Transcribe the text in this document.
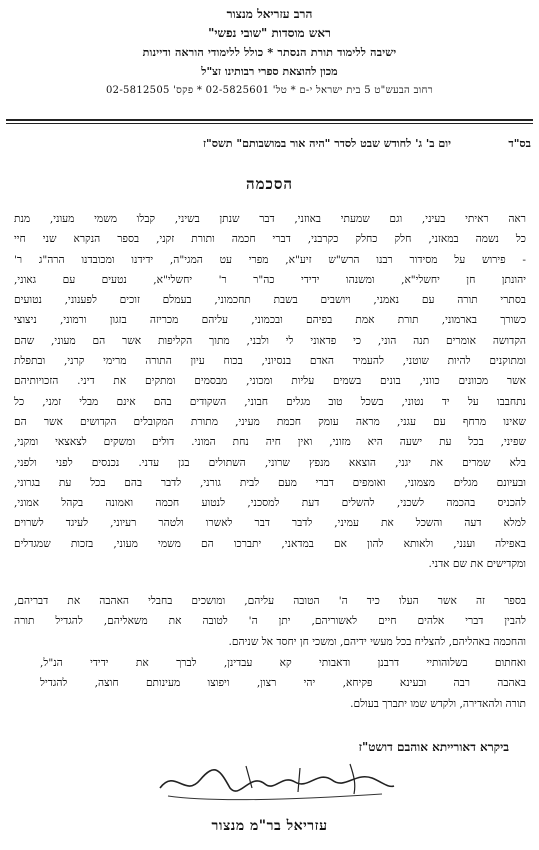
הרב עזריאל מנצור
ראש מוסדות "שובי נפשי"
ישיבה ללימוד תורת הנסתר * כולל ללימודי הוראה ודיינות
מכון להוצאת ספרי רבותינו זצ"ל
רחוב הבעש"ט 5 בית ישראל י-ם * טל' 02-5825601 * פקס' 02-5812505
בס"ד
יום ב' ג' לחודש שבט לסדר "היה אור במושבותם" תשס"ז
הסכמה
ראה ראיתי בעיני, וגם שמעתי באוזני, דבר שנתן בשיני, קבלו משמי מעוני, מנת
כל נשמה במאזני, חלק כחלק כקרבני, דברי חכמה ותורת זקני, בספר הנקרא שני חיי
- פירוש על מסידור רבנו הרש"ש זיע"א, מפרי עט המגי"ה, ידידנו ומכובדנו הרה"ג ר'
יהונתן חן יחשלי"א, ומשנהו ידידי כה"ר ר' יחשלי"א, נטעים עם גאוני,
בסתרי תורה עם נאמני, ויושבים בשבת תחכמוני, בעמלם זוכים לפענוני, נטועים
כשורך בארמוני, תורת אמת בפיהם ובכמוני, עליהם מכריזה בזגון ורמוני, ניצוצי
הקדושה אומרים תנה הוני, כי פדאוני לי ולבני, מתוך הקליפות אשר הם מעוני, שהם
ומתוקנים להיות שוטני, להעמיד האדם בנסיוני, בכוח עיון התורה מרימי קרני, ובתפלת
אשר מכוונים כווני, בונים בשמים עליות ומכוני, מבסמים ומתקים את דיני. הזכויותיהם
נתחבבו על יד נטוני, בשכל טוב מגלים חבוני, השקודים בהם אינם מבלי זמני, כל
שאינו מרחף עם עגני, מראה עומק חכמת מעיני, מתורת המקובלים הקדושים אשר הם
שפיני, בכל עת ישעה היא מזוני, ואין חיה נחת המוני. דולים ומשקים לצאצאי ומקני,
בלא שמרים את יגני, הוצאא מנפץ שרוני, השתולים בגן עדני. נכנסים לפני ולפני,
ובעיונם מגלים מצמוני, ואומפים דברי מעם לבית גורני, לדבר בהם בכל עת בגרוני,
להכניס בהכמה לשכני, להשלים דעת למסכני, לנטוע חכמה ואמונה בקהל אמוני,
למלא דעה והשכל את עמיני, לדבר דבר לאשרו ולטהר רעיוני, לעיגד לשרוים
באפילה וענני, ולאותא להון אם במדאני, יתברכו הם משמי מעוני, בזכות שמגדלים
ומקדישים את שם אדני.
בספר זה אשר העלו כיד ה' הטובה עליהם, ומושכים בחבלי האהבה את דבריהם,
להבין דברי אלהים חיים לאשוריהם, יתן ה' לטובה את משאליהם, להגדיל תורה
והחכמה באהליהם, להצליח בכל מעשי ידיהם, ומשכי חן יחסד אל שניהם.
ואחתום בשלוהותיי דרבנן ודאבותי קא עבדינן, לברך את ידידי הנ"ל,
באהבה רבה ובעינא פקיחא, יהי רצון, ויפוצו מעינותם חוצה, להגדיל
תורה ולהאדירה, ולקדש שמו יתברך בעולם.
ביקרא דאורייתא אוהבם דושט"ז
עזריאל בר"מ מנצור
